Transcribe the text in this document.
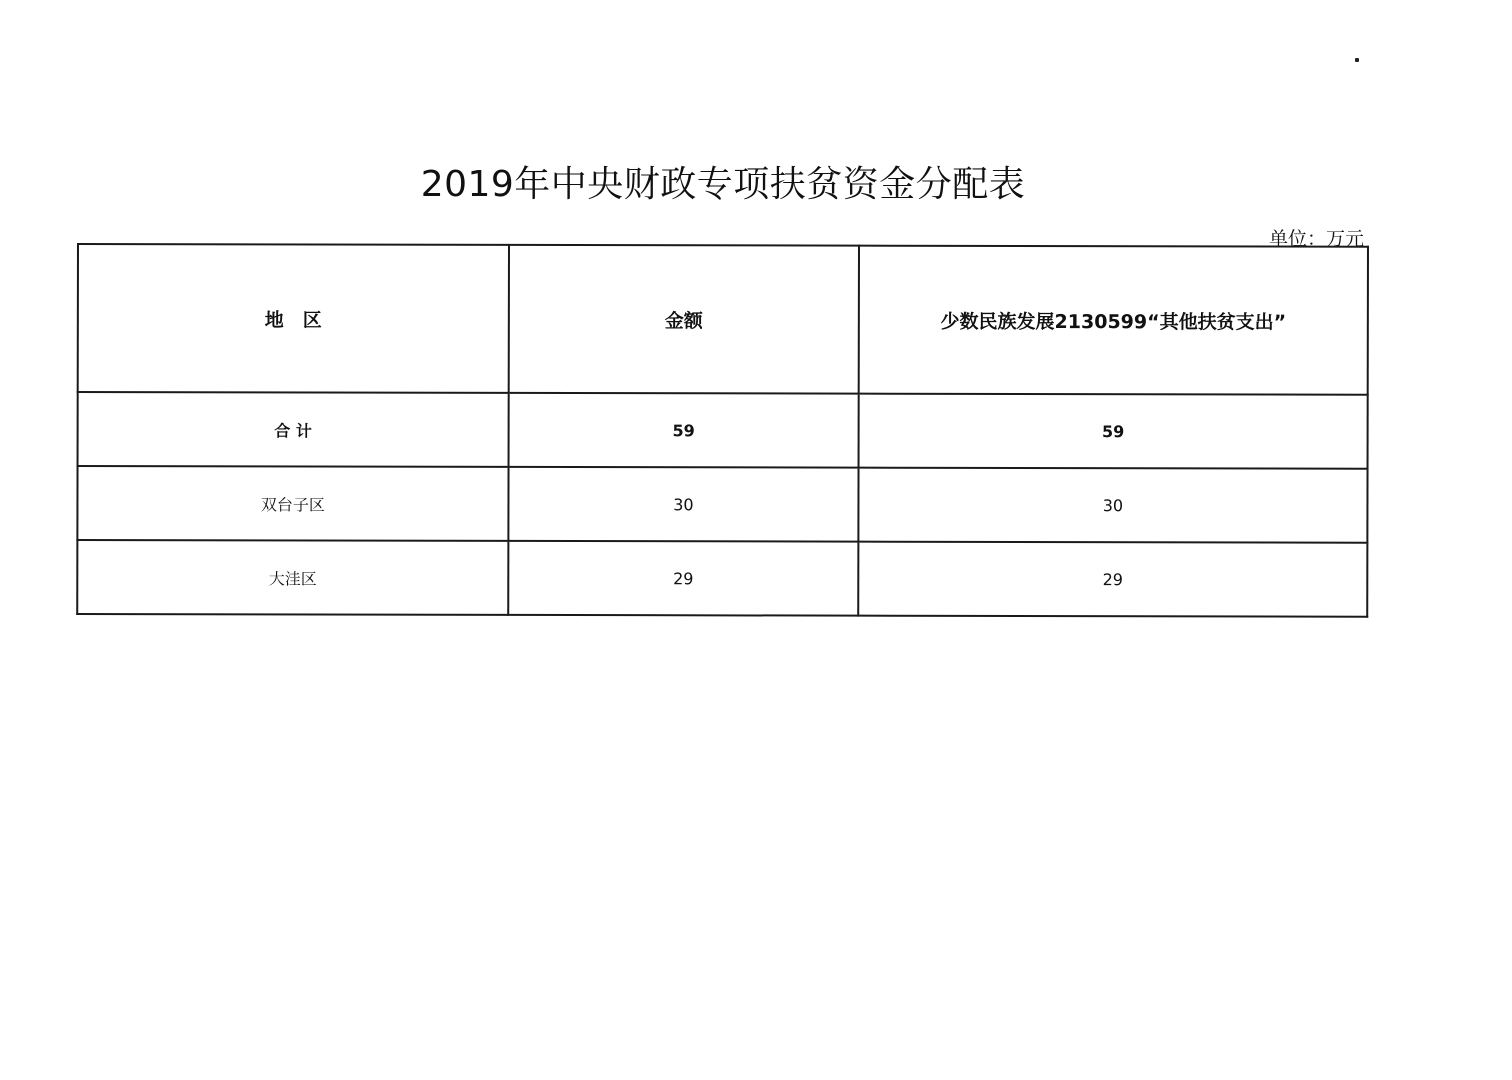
2019年中央财政专项扶贫资金分配表
单位：万元
地　区	金额	少数民族发展2130599“其他扶贫支出”
合 计	59	59
双台子区	30	30
大洼区	29	29
